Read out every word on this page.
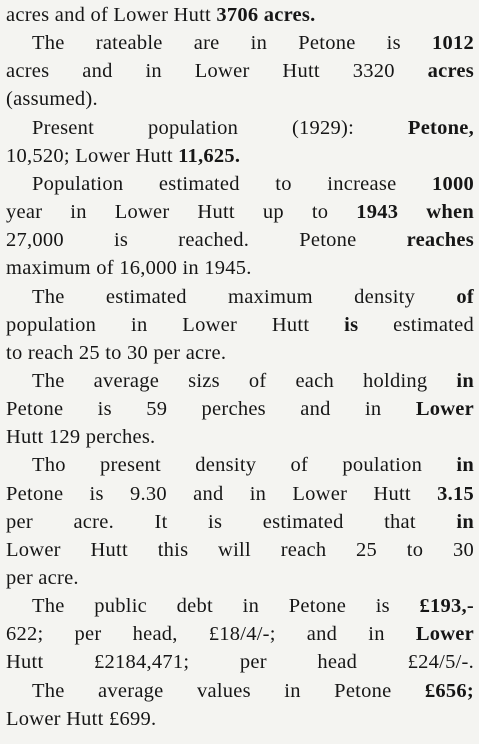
acres and of Lower Hutt 3706 acres.
The rateable are in Petone is 1012
acres and in Lower Hutt 3320 acres
(assumed).
Present population (1929): Petone,
10,520; Lower Hutt 11,625.
Population estimated to increase 1000
year in Lower Hutt up to 1943 when
27,000 is reached. Petone reaches
maximum of 16,000 in 1945.
The estimated maximum density of
population in Lower Hutt is estimated
to reach 25 to 30 per acre.
The average sizs of each holding in
Petone is 59 perches and in Lower
Hutt 129 perches.
Tho present density of poulation in
Petone is 9.30 and in Lower Hutt 3.15
per acre. It is estimated that in
Lower Hutt this will reach 25 to 30
per acre.
The public debt in Petone is £193,-
622; per head, £18/4/-; and in Lower
Hutt £2184,471; per head £24/5/-.
The average values in Petone £656;
Lower Hutt £699.
